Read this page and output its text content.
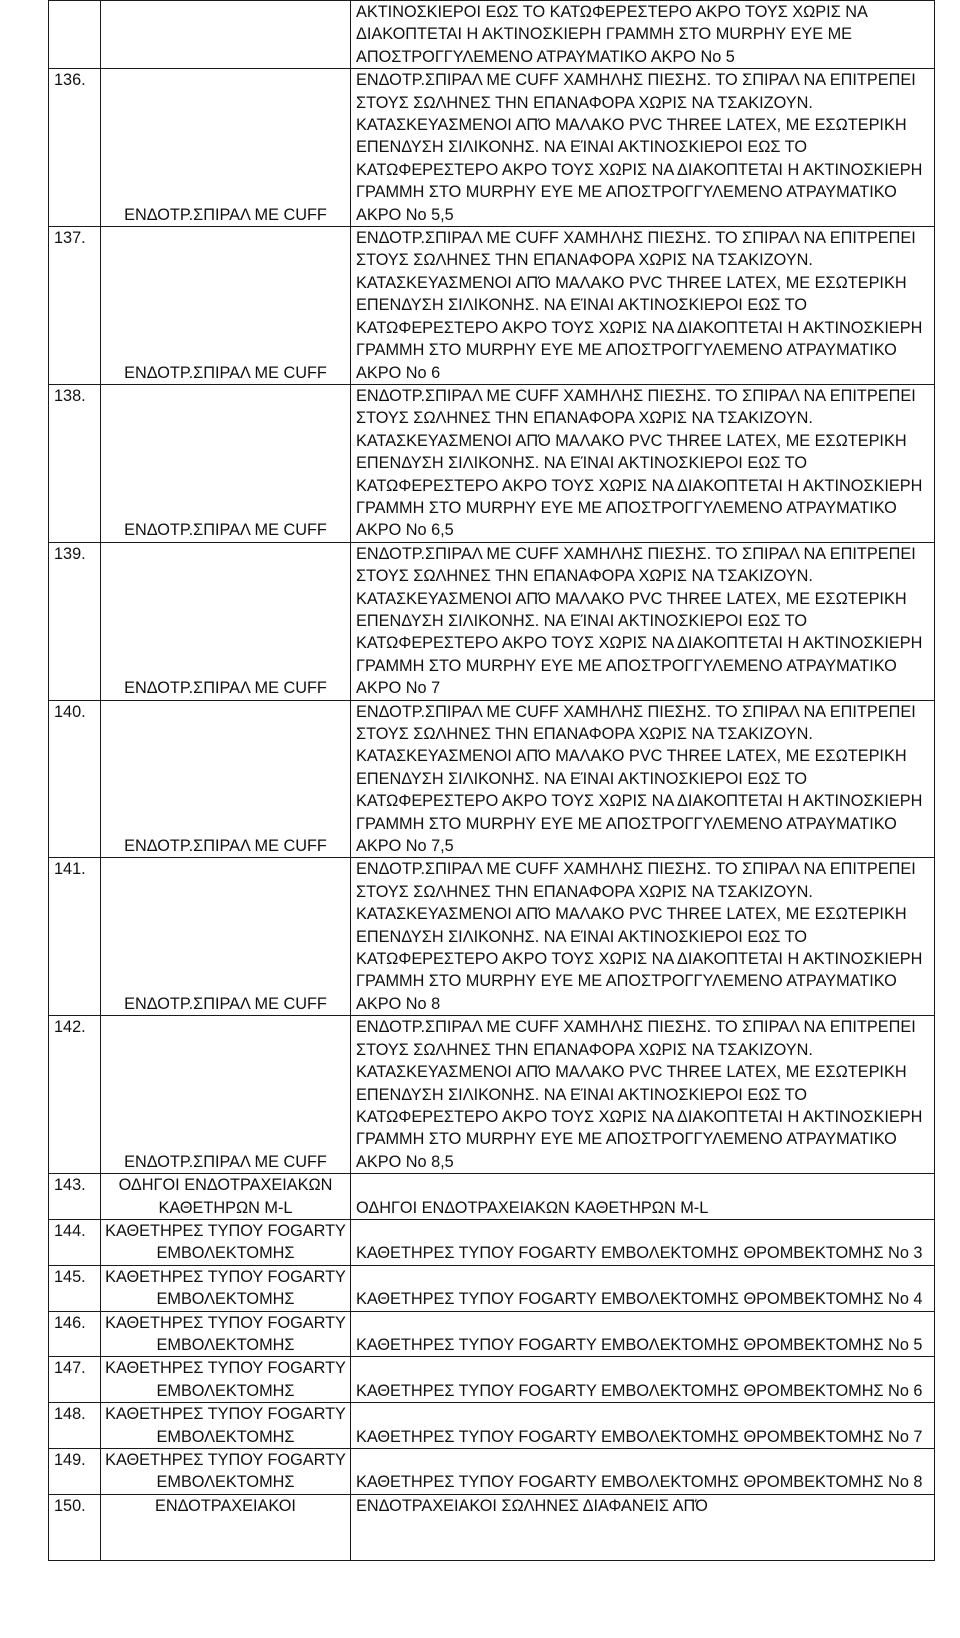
		ΑΚΤΙΝΟΣΚΙΕΡΟΙ ΕΩΣ ΤΟ ΚΑΤΩΦΕΡΕΣΤΕΡΟ ΑΚΡΟ ΤΟΥΣ ΧΩΡΙΣ ΝΑ ΔΙΑΚΟΠΤΕΤΑΙ Η ΑΚΤΙΝΟΣΚΙΕΡΗ ΓΡΑΜΜΗ ΣΤΟ MURPHY EYE ΜΕ ΑΠΟΣΤΡΟΓΓΥΛΕΜΕΝΟ ΑΤΡΑΥΜΑΤΙΚΟ ΑΚΡΟ Νο 5
136.	ΕΝΔΟΤΡ.ΣΠΙΡΑΛ ΜΕ CUFF	ΕΝΔΟΤΡ.ΣΠΙΡΑΛ ΜΕ CUFF ΧΑΜΗΛΗΣ ΠΙΕΣΗΣ. ΤΟ ΣΠΙΡΑΛ ΝΑ ΕΠΙΤΡΕΠΕΙ ΣΤΟΥΣ ΣΩΛΗΝΕΣ ΤΗΝ ΕΠΑΝΑΦΟΡΑ ΧΩΡΙΣ ΝΑ ΤΣΑΚΙΖΟΥΝ. ΚΑΤΑΣΚΕΥΑΣΜΕΝΟΙ ΑΠΌ ΜΑΛΑΚΟ PVC THREE LATEX, ΜΕ ΕΣΩΤΕΡΙΚΗ ΕΠΕΝΔΥΣΗ ΣΙΛΙΚΟΝΗΣ. ΝΑ ΕΊΝΑΙ ΑΚΤΙΝΟΣΚΙΕΡΟΙ ΕΩΣ ΤΟ ΚΑΤΩΦΕΡΕΣΤΕΡΟ ΑΚΡΟ ΤΟΥΣ ΧΩΡΙΣ ΝΑ ΔΙΑΚΟΠΤΕΤΑΙ Η ΑΚΤΙΝΟΣΚΙΕΡΗ ΓΡΑΜΜΗ ΣΤΟ MURPHY EYE ΜΕ ΑΠΟΣΤΡΟΓΓΥΛΕΜΕΝΟ ΑΤΡΑΥΜΑΤΙΚΟ ΑΚΡΟ Νο 5,5
137.	ΕΝΔΟΤΡ.ΣΠΙΡΑΛ ΜΕ CUFF	ΕΝΔΟΤΡ.ΣΠΙΡΑΛ ΜΕ CUFF ΧΑΜΗΛΗΣ ΠΙΕΣΗΣ. ΤΟ ΣΠΙΡΑΛ ΝΑ ΕΠΙΤΡΕΠΕΙ ΣΤΟΥΣ ΣΩΛΗΝΕΣ ΤΗΝ ΕΠΑΝΑΦΟΡΑ ΧΩΡΙΣ ΝΑ ΤΣΑΚΙΖΟΥΝ. ΚΑΤΑΣΚΕΥΑΣΜΕΝΟΙ ΑΠΌ ΜΑΛΑΚΟ PVC THREE LATEX, ΜΕ ΕΣΩΤΕΡΙΚΗ ΕΠΕΝΔΥΣΗ ΣΙΛΙΚΟΝΗΣ. ΝΑ ΕΊΝΑΙ ΑΚΤΙΝΟΣΚΙΕΡΟΙ ΕΩΣ ΤΟ ΚΑΤΩΦΕΡΕΣΤΕΡΟ ΑΚΡΟ ΤΟΥΣ ΧΩΡΙΣ ΝΑ ΔΙΑΚΟΠΤΕΤΑΙ Η ΑΚΤΙΝΟΣΚΙΕΡΗ ΓΡΑΜΜΗ ΣΤΟ MURPHY EYE ΜΕ ΑΠΟΣΤΡΟΓΓΥΛΕΜΕΝΟ ΑΤΡΑΥΜΑΤΙΚΟ ΑΚΡΟ Νο 6
138.	ΕΝΔΟΤΡ.ΣΠΙΡΑΛ ΜΕ CUFF	ΕΝΔΟΤΡ.ΣΠΙΡΑΛ ΜΕ CUFF ΧΑΜΗΛΗΣ ΠΙΕΣΗΣ. ΤΟ ΣΠΙΡΑΛ ΝΑ ΕΠΙΤΡΕΠΕΙ ΣΤΟΥΣ ΣΩΛΗΝΕΣ ΤΗΝ ΕΠΑΝΑΦΟΡΑ ΧΩΡΙΣ ΝΑ ΤΣΑΚΙΖΟΥΝ. ΚΑΤΑΣΚΕΥΑΣΜΕΝΟΙ ΑΠΌ ΜΑΛΑΚΟ PVC THREE LATEX, ΜΕ ΕΣΩΤΕΡΙΚΗ ΕΠΕΝΔΥΣΗ ΣΙΛΙΚΟΝΗΣ. ΝΑ ΕΊΝΑΙ ΑΚΤΙΝΟΣΚΙΕΡΟΙ ΕΩΣ ΤΟ ΚΑΤΩΦΕΡΕΣΤΕΡΟ ΑΚΡΟ ΤΟΥΣ ΧΩΡΙΣ ΝΑ ΔΙΑΚΟΠΤΕΤΑΙ Η ΑΚΤΙΝΟΣΚΙΕΡΗ ΓΡΑΜΜΗ ΣΤΟ MURPHY EYE ΜΕ ΑΠΟΣΤΡΟΓΓΥΛΕΜΕΝΟ ΑΤΡΑΥΜΑΤΙΚΟ ΑΚΡΟ Νο 6,5
139.	ΕΝΔΟΤΡ.ΣΠΙΡΑΛ ΜΕ CUFF	ΕΝΔΟΤΡ.ΣΠΙΡΑΛ ΜΕ CUFF ΧΑΜΗΛΗΣ ΠΙΕΣΗΣ. ΤΟ ΣΠΙΡΑΛ ΝΑ ΕΠΙΤΡΕΠΕΙ ΣΤΟΥΣ ΣΩΛΗΝΕΣ ΤΗΝ ΕΠΑΝΑΦΟΡΑ ΧΩΡΙΣ ΝΑ ΤΣΑΚΙΖΟΥΝ. ΚΑΤΑΣΚΕΥΑΣΜΕΝΟΙ ΑΠΌ ΜΑΛΑΚΟ PVC THREE LATEX, ΜΕ ΕΣΩΤΕΡΙΚΗ ΕΠΕΝΔΥΣΗ ΣΙΛΙΚΟΝΗΣ. ΝΑ ΕΊΝΑΙ ΑΚΤΙΝΟΣΚΙΕΡΟΙ ΕΩΣ ΤΟ ΚΑΤΩΦΕΡΕΣΤΕΡΟ ΑΚΡΟ ΤΟΥΣ ΧΩΡΙΣ ΝΑ ΔΙΑΚΟΠΤΕΤΑΙ Η ΑΚΤΙΝΟΣΚΙΕΡΗ ΓΡΑΜΜΗ ΣΤΟ MURPHY EYE ΜΕ ΑΠΟΣΤΡΟΓΓΥΛΕΜΕΝΟ ΑΤΡΑΥΜΑΤΙΚΟ ΑΚΡΟ Νο 7
140.	ΕΝΔΟΤΡ.ΣΠΙΡΑΛ ΜΕ CUFF	ΕΝΔΟΤΡ.ΣΠΙΡΑΛ ΜΕ CUFF ΧΑΜΗΛΗΣ ΠΙΕΣΗΣ. ΤΟ ΣΠΙΡΑΛ ΝΑ ΕΠΙΤΡΕΠΕΙ ΣΤΟΥΣ ΣΩΛΗΝΕΣ ΤΗΝ ΕΠΑΝΑΦΟΡΑ ΧΩΡΙΣ ΝΑ ΤΣΑΚΙΖΟΥΝ. ΚΑΤΑΣΚΕΥΑΣΜΕΝΟΙ ΑΠΌ ΜΑΛΑΚΟ PVC THREE LATEX, ΜΕ ΕΣΩΤΕΡΙΚΗ ΕΠΕΝΔΥΣΗ ΣΙΛΙΚΟΝΗΣ. ΝΑ ΕΊΝΑΙ ΑΚΤΙΝΟΣΚΙΕΡΟΙ ΕΩΣ ΤΟ ΚΑΤΩΦΕΡΕΣΤΕΡΟ ΑΚΡΟ ΤΟΥΣ ΧΩΡΙΣ ΝΑ ΔΙΑΚΟΠΤΕΤΑΙ Η ΑΚΤΙΝΟΣΚΙΕΡΗ ΓΡΑΜΜΗ ΣΤΟ MURPHY EYE ΜΕ ΑΠΟΣΤΡΟΓΓΥΛΕΜΕΝΟ ΑΤΡΑΥΜΑΤΙΚΟ ΑΚΡΟ Νο 7,5
141.	ΕΝΔΟΤΡ.ΣΠΙΡΑΛ ΜΕ CUFF	ΕΝΔΟΤΡ.ΣΠΙΡΑΛ ΜΕ CUFF ΧΑΜΗΛΗΣ ΠΙΕΣΗΣ. ΤΟ ΣΠΙΡΑΛ ΝΑ ΕΠΙΤΡΕΠΕΙ ΣΤΟΥΣ ΣΩΛΗΝΕΣ ΤΗΝ ΕΠΑΝΑΦΟΡΑ ΧΩΡΙΣ ΝΑ ΤΣΑΚΙΖΟΥΝ. ΚΑΤΑΣΚΕΥΑΣΜΕΝΟΙ ΑΠΌ ΜΑΛΑΚΟ PVC THREE LATEX, ΜΕ ΕΣΩΤΕΡΙΚΗ ΕΠΕΝΔΥΣΗ ΣΙΛΙΚΟΝΗΣ. ΝΑ ΕΊΝΑΙ ΑΚΤΙΝΟΣΚΙΕΡΟΙ ΕΩΣ ΤΟ ΚΑΤΩΦΕΡΕΣΤΕΡΟ ΑΚΡΟ ΤΟΥΣ ΧΩΡΙΣ ΝΑ ΔΙΑΚΟΠΤΕΤΑΙ Η ΑΚΤΙΝΟΣΚΙΕΡΗ ΓΡΑΜΜΗ ΣΤΟ MURPHY EYE ΜΕ ΑΠΟΣΤΡΟΓΓΥΛΕΜΕΝΟ ΑΤΡΑΥΜΑΤΙΚΟ ΑΚΡΟ Νο 8
142.	ΕΝΔΟΤΡ.ΣΠΙΡΑΛ ΜΕ CUFF	ΕΝΔΟΤΡ.ΣΠΙΡΑΛ ΜΕ CUFF ΧΑΜΗΛΗΣ ΠΙΕΣΗΣ. ΤΟ ΣΠΙΡΑΛ ΝΑ ΕΠΙΤΡΕΠΕΙ ΣΤΟΥΣ ΣΩΛΗΝΕΣ ΤΗΝ ΕΠΑΝΑΦΟΡΑ ΧΩΡΙΣ ΝΑ ΤΣΑΚΙΖΟΥΝ. ΚΑΤΑΣΚΕΥΑΣΜΕΝΟΙ ΑΠΌ ΜΑΛΑΚΟ PVC THREE LATEX, ΜΕ ΕΣΩΤΕΡΙΚΗ ΕΠΕΝΔΥΣΗ ΣΙΛΙΚΟΝΗΣ. ΝΑ ΕΊΝΑΙ ΑΚΤΙΝΟΣΚΙΕΡΟΙ ΕΩΣ ΤΟ ΚΑΤΩΦΕΡΕΣΤΕΡΟ ΑΚΡΟ ΤΟΥΣ ΧΩΡΙΣ ΝΑ ΔΙΑΚΟΠΤΕΤΑΙ Η ΑΚΤΙΝΟΣΚΙΕΡΗ ΓΡΑΜΜΗ ΣΤΟ MURPHY EYE ΜΕ ΑΠΟΣΤΡΟΓΓΥΛΕΜΕΝΟ ΑΤΡΑΥΜΑΤΙΚΟ ΑΚΡΟ Νο 8,5
143.	ΟΔΗΓΟΙ ΕΝΔΟΤΡΑΧΕΙΑΚΩΝ ΚΑΘΕΤΗΡΩΝ M-L	ΟΔΗΓΟΙ ΕΝΔΟΤΡΑΧΕΙΑΚΩΝ ΚΑΘΕΤΗΡΩΝ M-L
144.	ΚΑΘΕΤΗΡΕΣ ΤΥΠΟΥ FOGARTY ΕΜΒΟΛΕΚΤΟΜΗΣ	ΚΑΘΕΤΗΡΕΣ ΤΥΠΟΥ FOGARTY ΕΜΒΟΛΕΚΤΟΜΗΣ ΘΡΟΜΒΕΚΤΟΜΗΣ Νο 3
145.	ΚΑΘΕΤΗΡΕΣ ΤΥΠΟΥ FOGARTY ΕΜΒΟΛΕΚΤΟΜΗΣ	ΚΑΘΕΤΗΡΕΣ ΤΥΠΟΥ FOGARTY ΕΜΒΟΛΕΚΤΟΜΗΣ ΘΡΟΜΒΕΚΤΟΜΗΣ Νο 4
146.	ΚΑΘΕΤΗΡΕΣ ΤΥΠΟΥ FOGARTY ΕΜΒΟΛΕΚΤΟΜΗΣ	ΚΑΘΕΤΗΡΕΣ ΤΥΠΟΥ FOGARTY ΕΜΒΟΛΕΚΤΟΜΗΣ ΘΡΟΜΒΕΚΤΟΜΗΣ Νο 5
147.	ΚΑΘΕΤΗΡΕΣ ΤΥΠΟΥ FOGARTY ΕΜΒΟΛΕΚΤΟΜΗΣ	ΚΑΘΕΤΗΡΕΣ ΤΥΠΟΥ FOGARTY ΕΜΒΟΛΕΚΤΟΜΗΣ ΘΡΟΜΒΕΚΤΟΜΗΣ Νο 6
148.	ΚΑΘΕΤΗΡΕΣ ΤΥΠΟΥ FOGARTY ΕΜΒΟΛΕΚΤΟΜΗΣ	ΚΑΘΕΤΗΡΕΣ ΤΥΠΟΥ FOGARTY ΕΜΒΟΛΕΚΤΟΜΗΣ ΘΡΟΜΒΕΚΤΟΜΗΣ Νο 7
149.	ΚΑΘΕΤΗΡΕΣ ΤΥΠΟΥ FOGARTY ΕΜΒΟΛΕΚΤΟΜΗΣ	ΚΑΘΕΤΗΡΕΣ ΤΥΠΟΥ FOGARTY ΕΜΒΟΛΕΚΤΟΜΗΣ ΘΡΟΜΒΕΚΤΟΜΗΣ Νο 8
150.	ΕΝΔΟΤΡΑΧΕΙΑΚΟΙ	ΕΝΔΟΤΡΑΧΕΙΑΚΟΙ ΣΩΛΗΝΕΣ ΔΙΑΦΑΝΕΙΣ ΑΠΌ
